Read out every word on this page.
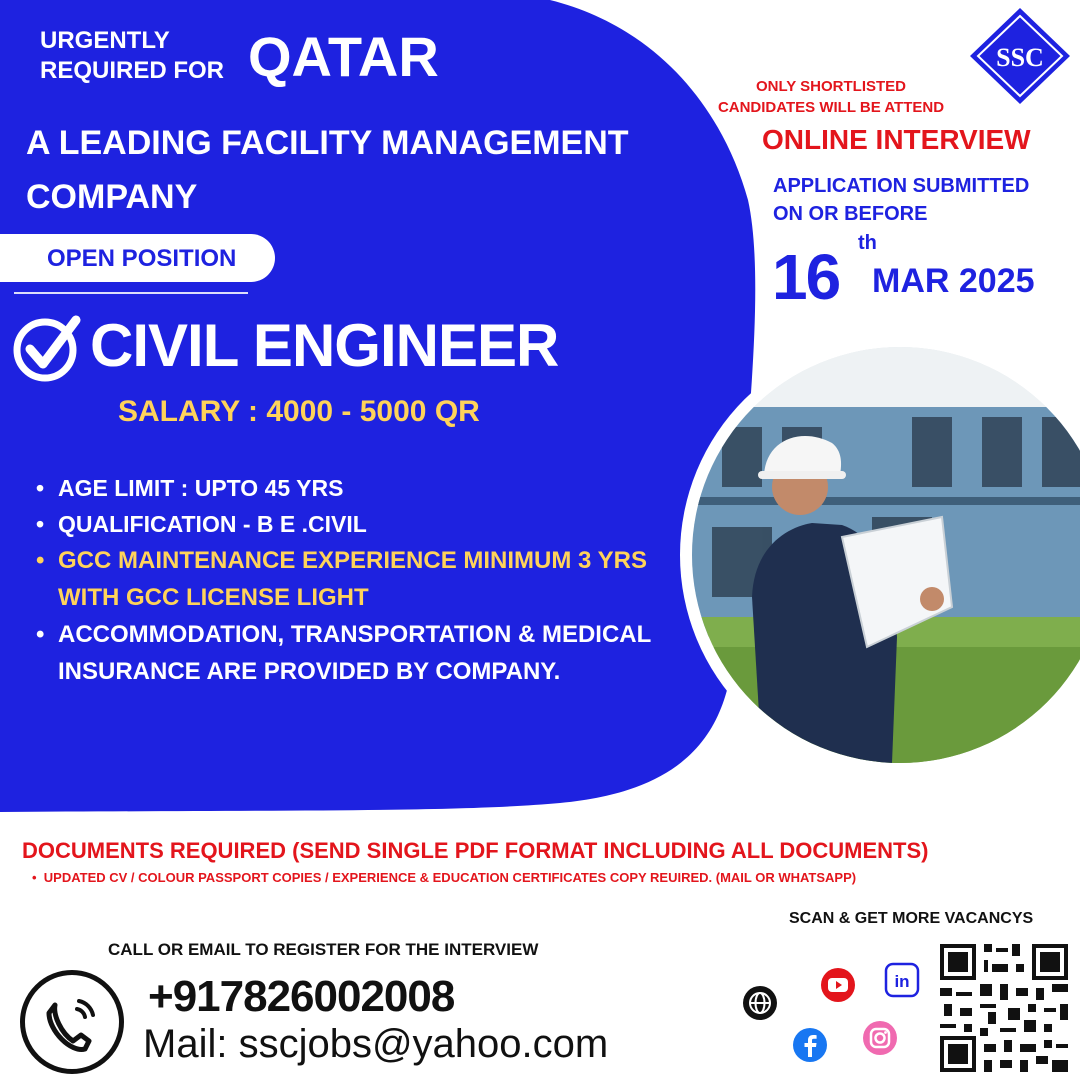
URGENTLY
REQUIRED FOR QATAR
A LEADING FACILITY MANAGEMENT COMPANY
OPEN POSITION
CIVIL ENGINEER
SALARY : 4000 - 5000 QR
• AGE LIMIT : UPTO 45 YRS
• QUALIFICATION - B E .CIVIL
• GCC MAINTENANCE EXPERIENCE MINIMUM 3 YRS WITH GCC LICENSE LIGHT
• ACCOMMODATION, TRANSPORTATION & MEDICAL INSURANCE ARE PROVIDED BY COMPANY.
SSC
ONLY SHORTLISTED
CANDIDATES WILL BE ATTEND
ONLINE INTERVIEW
APPLICATION SUBMITTED
ON OR BEFORE
16 th
MAR 2025
DOCUMENTS REQUIRED (SEND SINGLE PDF FORMAT INCLUDING ALL DOCUMENTS)
•  UPDATED CV / COLOUR PASSPORT COPIES / EXPERIENCE & EDUCATION CERTIFICATES COPY REUIRED. (MAIL OR WHATSAPP)
SCAN & GET MORE VACANCYS
CALL OR EMAIL TO REGISTER FOR THE INTERVIEW
+917826002008
Mail: sscjobs@yahoo.com
in
